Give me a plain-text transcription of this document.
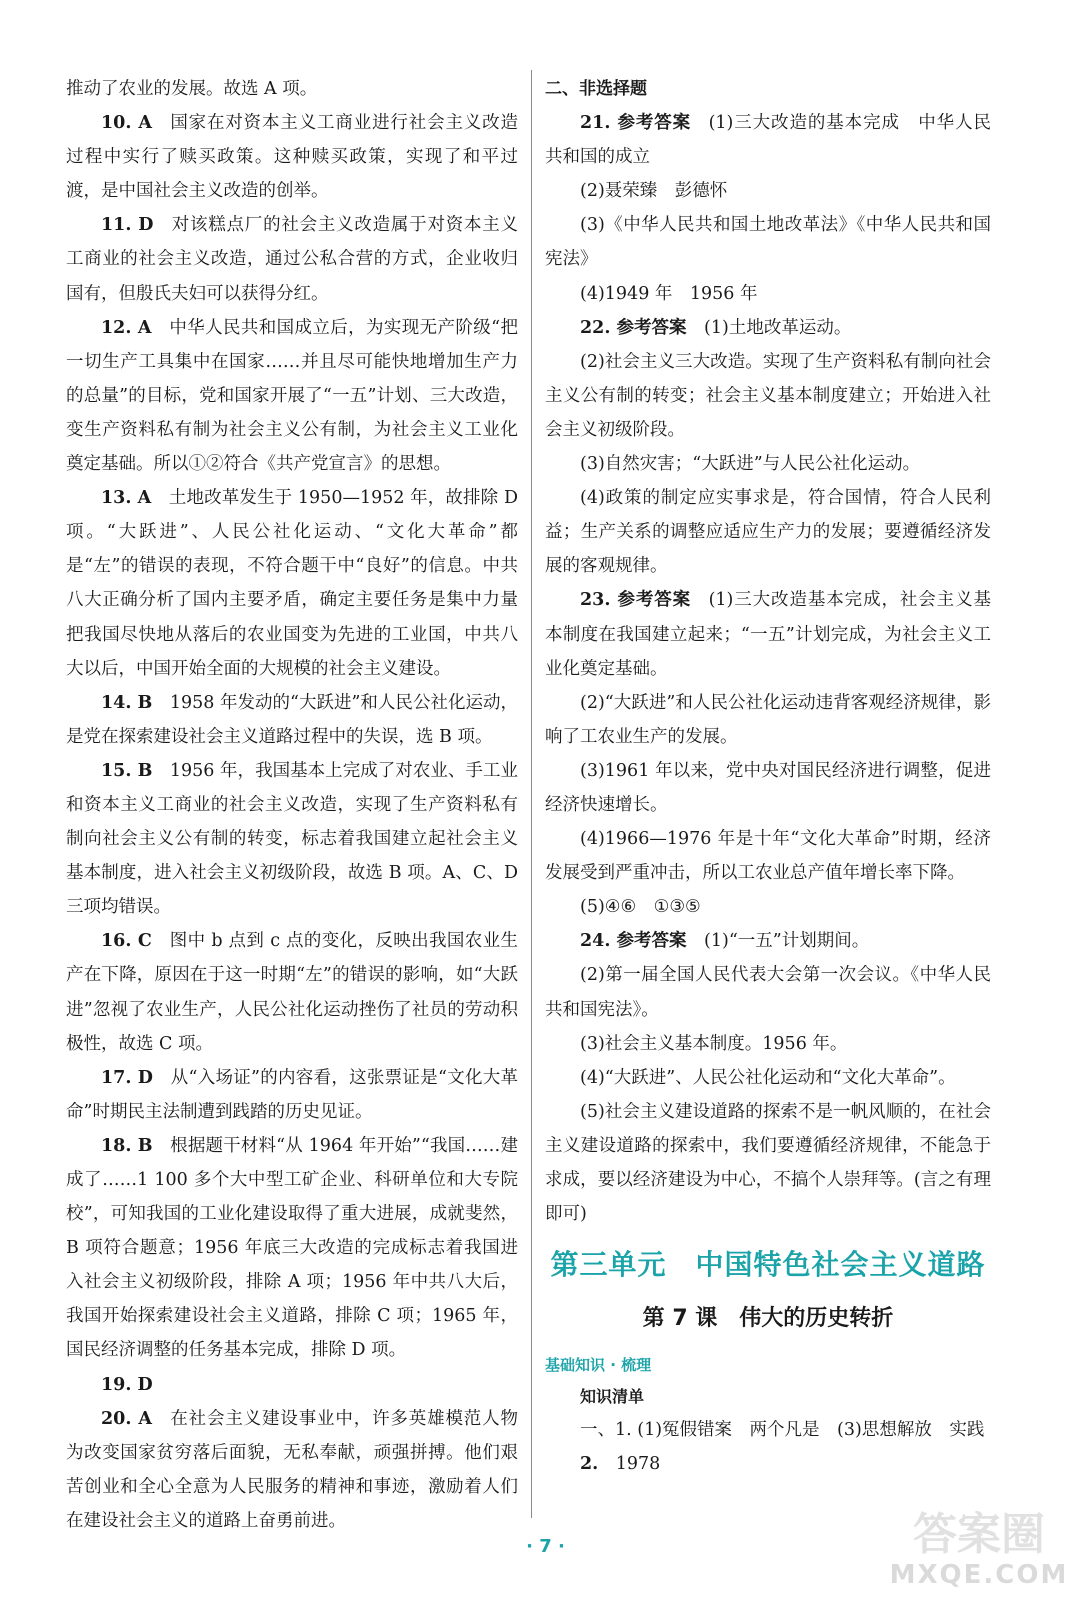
推动了农业的发展。故选 A 项。

10. A  国家在对资本主义工商业进行社会主义改造过程中实行了赎买政策。这种赎买政策，实现了和平过渡，是中国社会主义改造的创举。

11. D  对该糕点厂的社会主义改造属于对资本主义工商业的社会主义改造，通过公私合营的方式，企业收归国有，但殷氏夫妇可以获得分红。

12. A  中华人民共和国成立后，为实现无产阶级“把一切生产工具集中在国家……并且尽可能快地增加生产力的总量”的目标，党和国家开展了“一五”计划、三大改造，变生产资料私有制为社会主义公有制，为社会主义工业化奠定基础。所以①②符合《共产党宣言》的思想。

13. A  土地改革发生于 1950—1952 年，故排除 D 项。“大跃进”、人民公社化运动、“文化大革命”都是“左”的错误的表现，不符合题干中“良好”的信息。中共八大正确分析了国内主要矛盾，确定主要任务是集中力量把我国尽快地从落后的农业国变为先进的工业国，中共八大以后，中国开始全面的大规模的社会主义建设。

14. B  1958 年发动的“大跃进”和人民公社化运动，是党在探索建设社会主义道路过程中的失误，选 B 项。

15. B  1956 年，我国基本上完成了对农业、手工业和资本主义工商业的社会主义改造，实现了生产资料私有制向社会主义公有制的转变，标志着我国建立起社会主义基本制度，进入社会主义初级阶段，故选 B 项。A、C、D 三项均错误。

16. C  图中 b 点到 c 点的变化，反映出我国农业生产在下降，原因在于这一时期“左”的错误的影响，如“大跃进”忽视了农业生产，人民公社化运动挫伤了社员的劳动积极性，故选 C 项。

17. D  从“入场证”的内容看，这张票证是“文化大革命”时期民主法制遭到践踏的历史见证。

18. B  根据题干材料“从 1964 年开始”“我国……建成了……1 100 多个大中型工矿企业、科研单位和大专院校”，可知我国的工业化建设取得了重大进展，成就斐然，B 项符合题意；1956 年底三大改造的完成标志着我国进入社会主义初级阶段，排除 A 项；1956 年中共八大后，我国开始探索建设社会主义道路，排除 C 项；1965 年，国民经济调整的任务基本完成，排除 D 项。

19. D

20. A  在社会主义建设事业中，许多英雄模范人物为改变国家贫穷落后面貌，无私奉献，顽强拼搏。他们艰苦创业和全心全意为人民服务的精神和事迹，激励着人们在建设社会主义的道路上奋勇前进。

二、非选择题

21. 参考答案  (1)三大改造的基本完成　中华人民共和国的成立

(2)聂荣臻　彭德怀

(3)《中华人民共和国土地改革法》《中华人民共和国宪法》

(4)1949 年　1956 年

22. 参考答案  (1)土地改革运动。

(2)社会主义三大改造。实现了生产资料私有制向社会主义公有制的转变；社会主义基本制度建立；开始进入社会主义初级阶段。

(3)自然灾害；“大跃进”与人民公社化运动。

(4)政策的制定应实事求是，符合国情，符合人民利益；生产关系的调整应适应生产力的发展；要遵循经济发展的客观规律。

23. 参考答案  (1)三大改造基本完成，社会主义基本制度在我国建立起来；“一五”计划完成，为社会主义工业化奠定基础。

(2)“大跃进”和人民公社化运动违背客观经济规律，影响了工农业生产的发展。

(3)1961 年以来，党中央对国民经济进行调整，促进经济快速增长。

(4)1966—1976 年是十年“文化大革命”时期，经济发展受到严重冲击，所以工农业总产值年增长率下降。

(5)④⑥　①③⑤

24. 参考答案  (1)“一五”计划期间。

(2)第一届全国人民代表大会第一次会议。《中华人民共和国宪法》。

(3)社会主义基本制度。1956 年。

(4)“大跃进”、人民公社化运动和“文化大革命”。

(5)社会主义建设道路的探索不是一帆风顺的，在社会主义建设道路的探索中，我们要遵循经济规律，不能急于求成，要以经济建设为中心，不搞个人崇拜等。(言之有理即可)

第三单元　中国特色社会主义道路
第 7 课　伟大的历史转折
基础知识 · 梳理
知识清单

一、1. (1)冤假错案　两个凡是　(3)思想解放　实践

2.  1978

· 7 ·	答案圈
MXQE.COM
